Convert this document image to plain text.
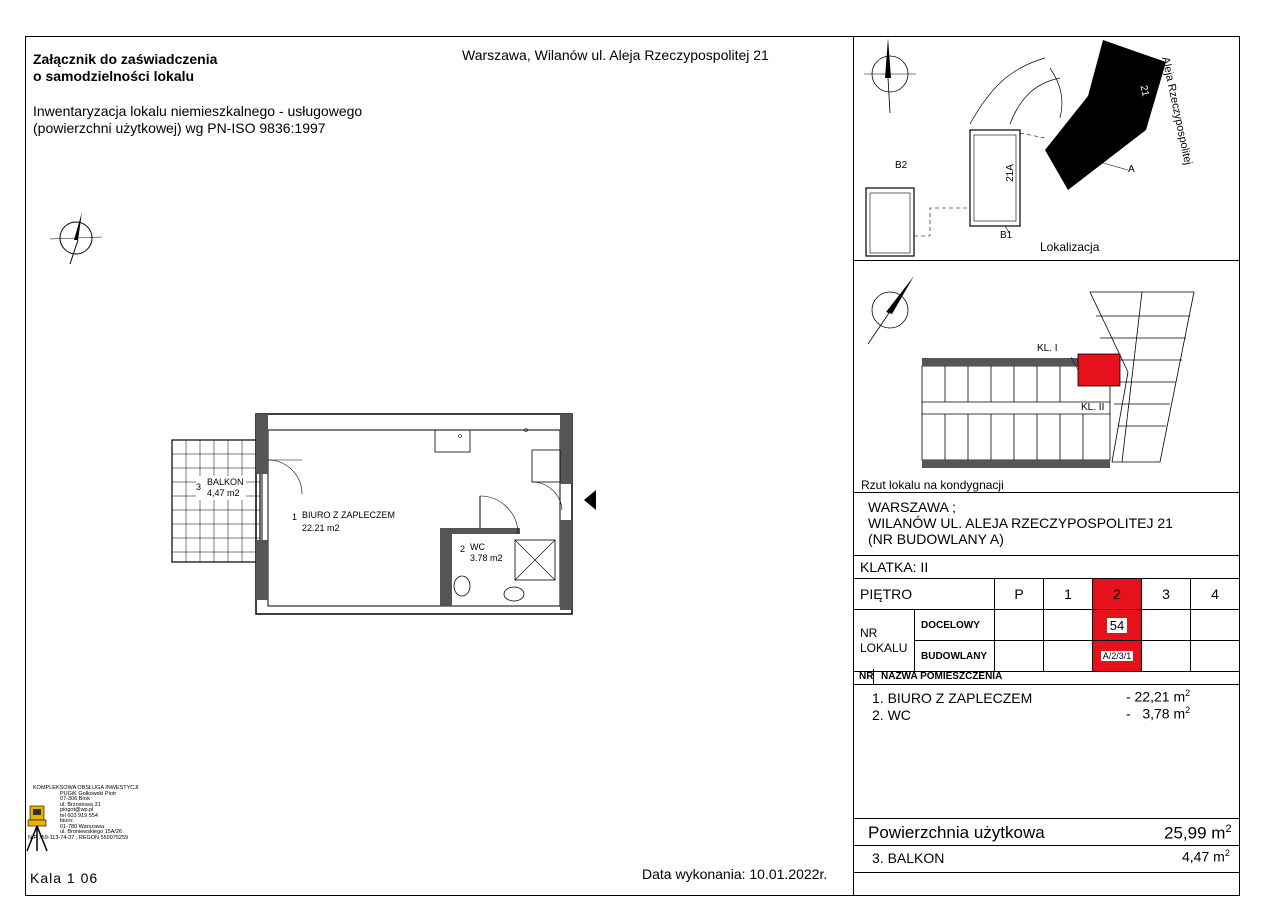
Załącznik do zaświadczenia
o samodzielności lokalu
Inwentaryzacja lokalu niemieszkalnego - usługowego
(powierzchni użytkowej) wg PN-ISO 9836:1997
Warszawa, Wilanów ul. Aleja Rzeczypospolitej 21
3 BALKON
4,47 m2
1 BIURO Z ZAPLECZEM
22.21 m2
2 WC
3.78 m2
Aleja Rzeczypospolitej
21
21A	A
B1
B2
Lokalizacja
KL. I
KL. II
Rzut lokalu na kondygnacji
WARSZAWA ;
WILANÓW UL. ALEJA RZECZYPOSPOLITEJ 21
(NR BUDOWLANY A)
KLATKA: II
PIĘTRO		P	1	2	3	4
NR
LOKALU	DOCELOWY			54		
	BUDOWLANY			A/2/3/1		
NR NAZWA POMIESZCZENIA
1. BIURO Z ZAPLECZEM	- 22,21 $m^2$
2. WC	-   3,78 $m^2$
Powierzchnia użytkowa	25,99 $m^2$
3. BALKON	4,47 $m^2$
KOMPLEKSOWA OBSŁUGA INWESTYCJI
PUGiK Gołkowski Piotr
07-306 Brok
ul. Brzostowa 31
piogot@wp.pl
tel 603 919 554
biuro:
01-780 Warszawa
ul. Broniewskiego 15A/26
NIP 759-113-74-37 ; REGON 550075259
Kala 1 06	Data wykonania: 10.01.2022r.
